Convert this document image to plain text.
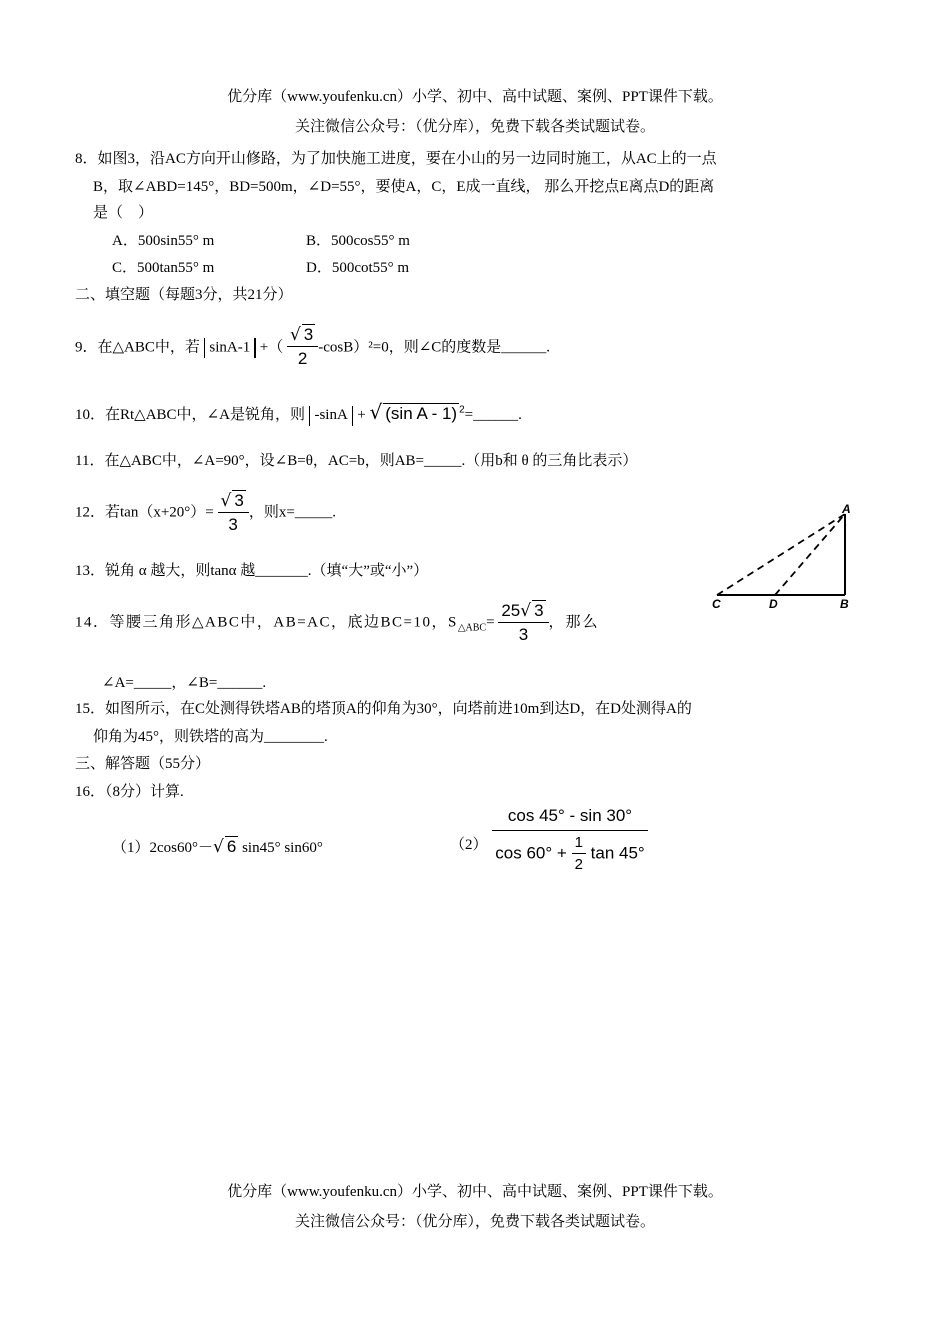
优分库（www.youfenku.cn）小学、初中、高中试题、案例、PPT课件下载。
关注微信公众号：（优分库），免费下载各类试题试卷。
8．如图3，沿AC方向开山修路，为了加快施工进度，要在小山的另一边同时施工，从AC上的一点
B，取∠ABD=145°，BD=500m，∠D=55°，要使A，C，E成一直线， 那么开挖点E离点D的距离
是（　）
A．500sin55° m	B．500cos55° m
C．500tan55° m	D．500cot55° m
二、填空题（每题3分，共21分）
9．在△ABC中，若 sinA-1 +（ $\frac{√ 3}{2} -\cos B)^2=0$，则∠C的度数是______.
10．在Rt△ABC中，∠A是锐角，则 -sinA + √ (sin A - 1) $^2$=______.
11．在△ABC中，∠A=90°，设∠B=θ，AC=b，则AB=_____.（用b和 θ 的三角比表示）
12．若$\tan(x+20^\circ)= \frac{√ 3}{3}$ ，则x=_____.
13．锐角 α 越大，则tanα 越_______.（填“大”或“小”）
14．等腰三角形△ABC中，AB=AC，底边BC=10，$S_{\triangle ABC}= \frac{25√ 3}{3}$ ，那么
∠A=_____，∠B=______.
15．如图所示，在C处测得铁塔AB的塔顶A的仰角为30°，向塔前进10m到达D，在D处测得A的
仰角为45°，则铁塔的高为________.
三、解答题（55分）
16．（8分）计算.
（1）2cos60°－√ 6 sin45° sin60°	（2）
cos 45° - sin 30°
$\cos 60^\circ + \frac{1}{2}$ tan 45°
A
C	D	B
优分库（www.youfenku.cn）小学、初中、高中试题、案例、PPT课件下载。
关注微信公众号：（优分库），免费下载各类试题试卷。
